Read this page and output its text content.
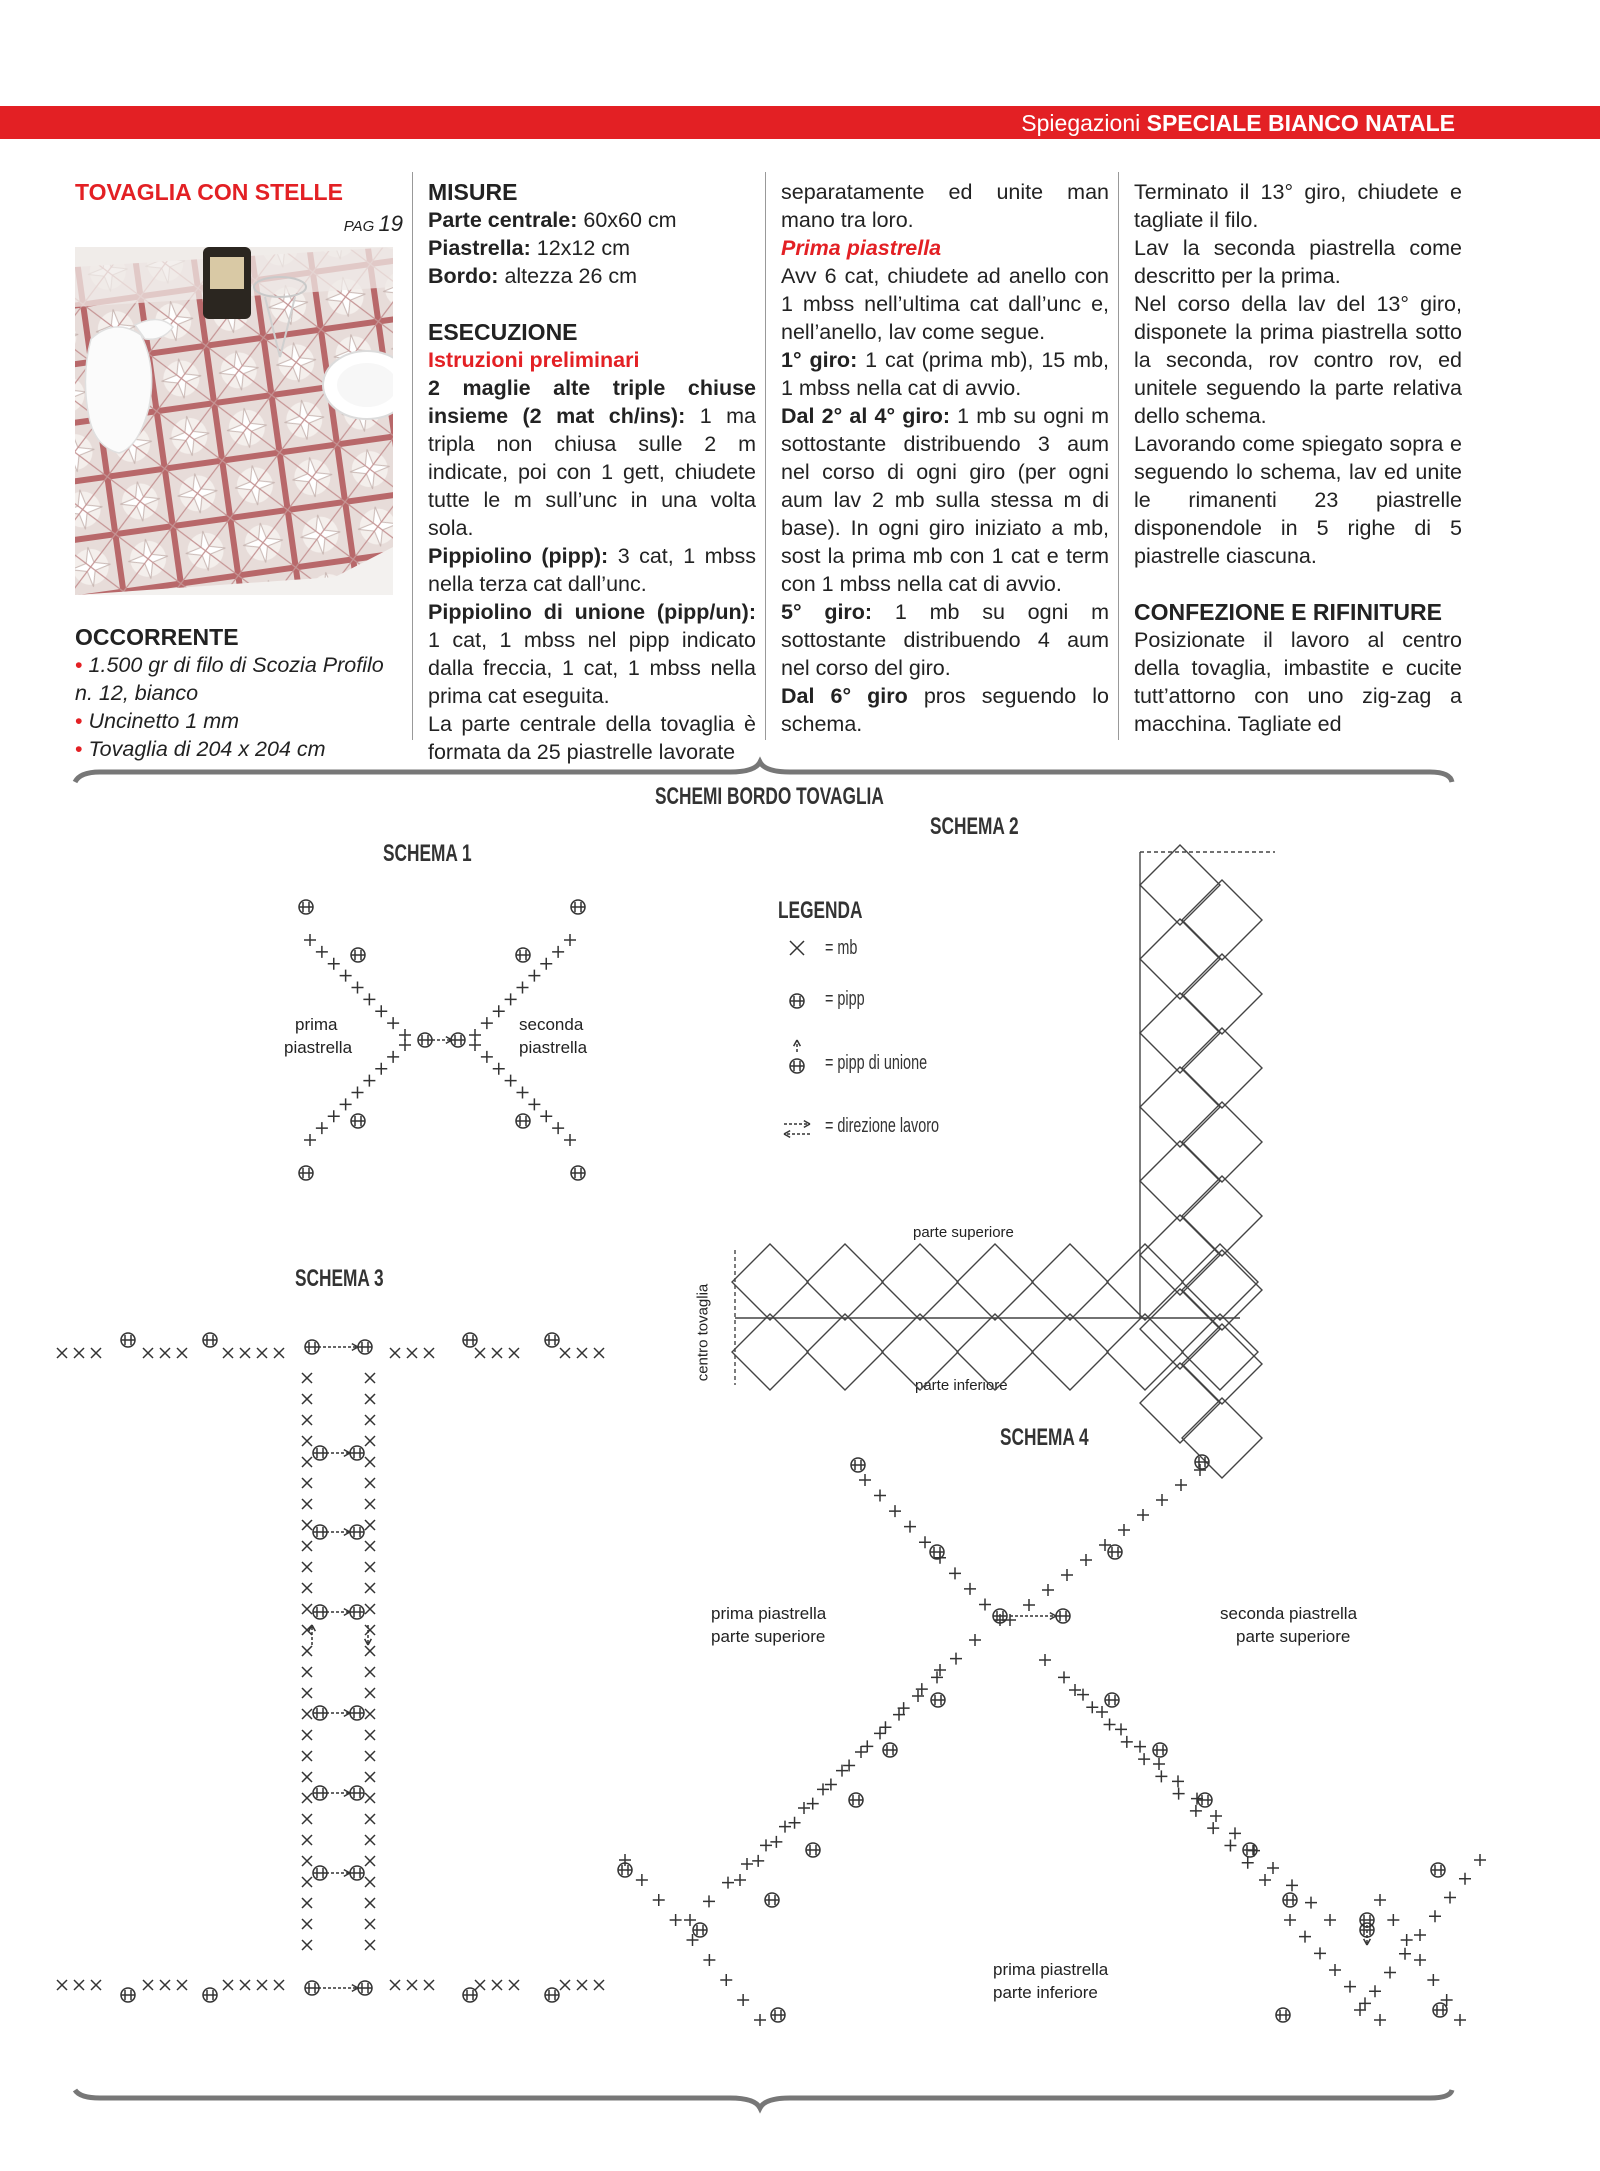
Spiegazioni SPECIALE BIANCO NATALE
TOVAGLIA CON STELLE
PAG 19
OCCORRENTE
• 1.500 gr di filo di Scozia Profilo n. 12, bianco
• Uncinetto 1 mm
• Tovaglia di 204 x 204 cm
MISURE

Parte centrale: 60x60 cm

Piastrella: 12x12 cm

Bordo: altezza 26 cm

ESECUZIONE
Istruzioni preliminari

2 maglie alte triple chiuse insieme (2 mat ch/ins): 1 ma tripla non chiusa sulle 2 m indicate, poi con 1 gett, chiudete tutte le m sull’unc in una volta sola.

Pippiolino (pipp): 3 cat, 1 mbss nella terza cat dall’unc.

Pippiolino di unione (pipp/un): 1 cat, 1 mbss nel pipp indicato dalla freccia, 1 cat, 1 mbss nella prima cat eseguita.

La parte centrale della tovaglia è formata da 25 piastrelle lavorate

separatamente ed unite man mano tra loro.

Prima piastrella

Avv 6 cat, chiudete ad anello con 1 mbss nell’ultima cat dall’unc e, nell’anello, lav come segue.

1° giro: 1 cat (prima mb), 15 mb, 1 mbss nella cat di avvio.

Dal 2° al 4° giro: 1 mb su ogni m sottostante distribuendo 3 aum nel corso di ogni giro (per ogni aum lav 2 mb sulla stessa m di base). In ogni giro iniziato a mb, sost la prima mb con 1 cat e term con 1 mbss nella cat di avvio.

5° giro: 1 mb su ogni m sottostante distribuendo 4 aum nel corso del giro.

Dal 6° giro pros seguendo lo schema.

Terminato il 13° giro, chiudete e tagliate il filo.

Lav la seconda piastrella come descritto per la prima.

Nel corso della lav del 13° giro, disponete la prima piastrella sotto la seconda, rov contro rov, ed unitele seguendo la parte relativa dello schema.

Lavorando come spiegato sopra e seguendo lo schema, lav ed unite le rimanenti 23 piastrelle disponendole in 5 righe di 5 piastrelle ciascuna.

CONFEZIONE E RIFINITURE

Posizionate il lavoro al centro della tovaglia, imbastite e cucite tutt’attorno con uno zig-zag a macchina. Tagliate ed

SCHEMI BORDO TOVAGLIA
SCHEMA 1
SCHEMA 2
SCHEMA 3
SCHEMA 4
LEGENDA
= mb
= pipp
= pipp di unione
= direzione lavoro
prima
piastrella
seconda
piastrella
parte superiore
parte inferiore
centro tovaglia
prima piastrella
parte superiore
seconda piastrella
parte superiore
prima piastrella
parte inferiore
